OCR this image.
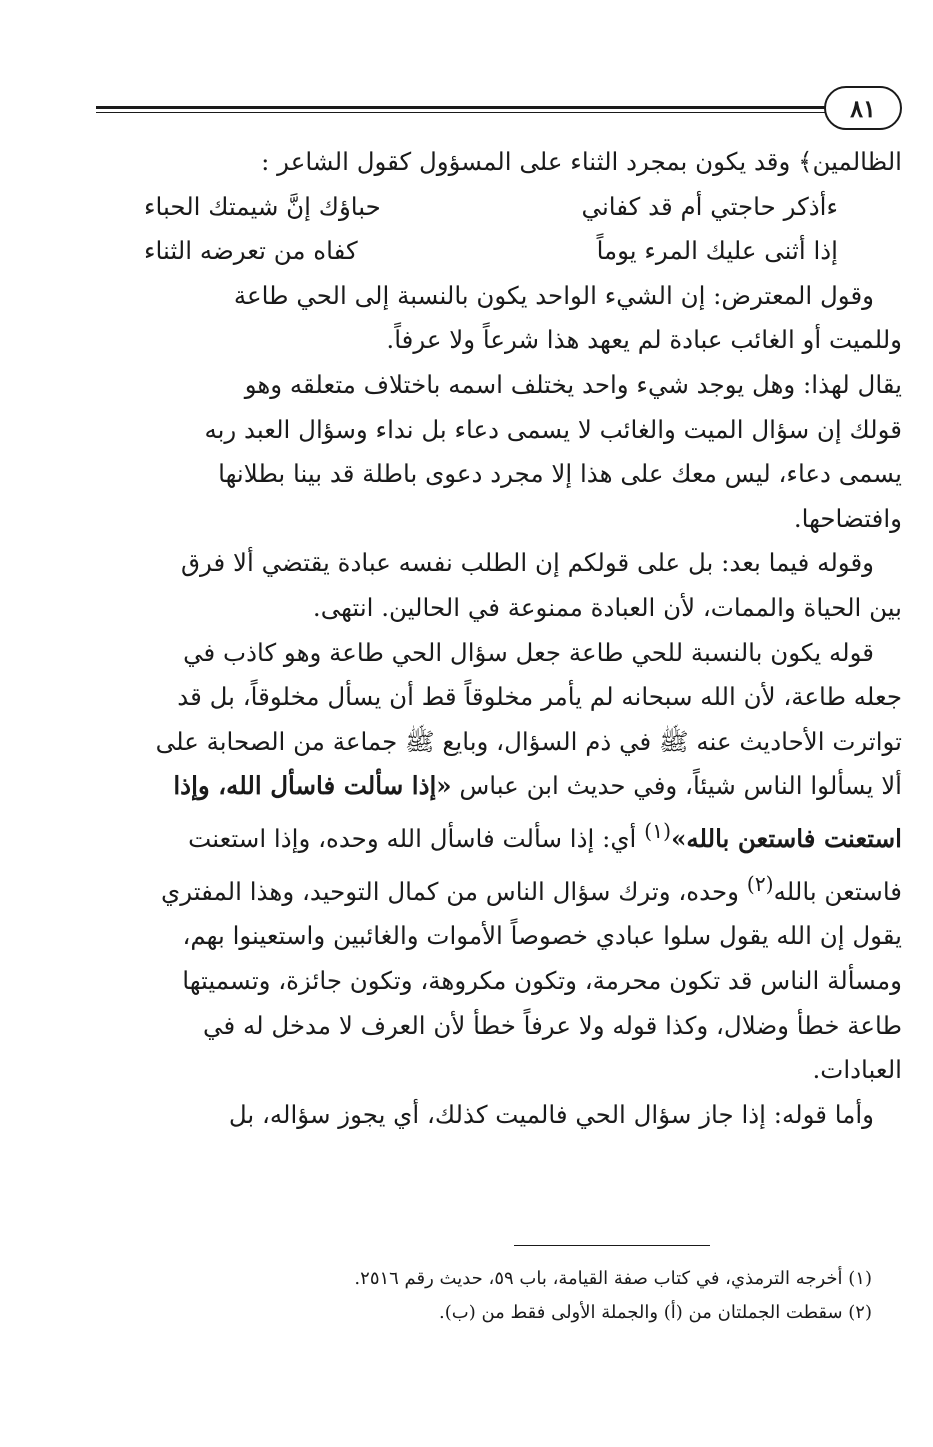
٨١

الظالمين﴾ وقد يكون بمجرد الثناء على المسؤول كقول الشاعر :

ءأذكر حاجتي أم قد كفاني
حباؤك إنَّ شيمتك الحباء
إذا أثنى عليك المرء يوماً
كفاه من تعرضه الثناء

وقول المعترض: إن الشيء الواحد يكون بالنسبة إلى الحي طاعة

وللميت أو الغائب عبادة لم يعهد هذا شرعاً ولا عرفاً.

يقال لهذا: وهل يوجد شيء واحد يختلف اسمه باختلاف متعلقه وهو

قولك إن سؤال الميت والغائب لا يسمى دعاء بل نداء وسؤال العبد ربه

يسمى دعاء، ليس معك على هذا إلا مجرد دعوى باطلة قد بينا بطلانها

وافتضاحها.

وقوله فيما بعد: بل على قولكم إن الطلب نفسه عبادة يقتضي ألا فرق

بين الحياة والممات، لأن العبادة ممنوعة في الحالين. انتهى.

قوله يكون بالنسبة للحي طاعة جعل سؤال الحي طاعة وهو كاذب في

جعله طاعة، لأن الله سبحانه لم يأمر مخلوقاً قط أن يسأل مخلوقاً، بل قد

تواترت الأحاديث عنه ﷺ في ذم السؤال، وبايع ﷺ جماعة من الصحابة على

ألا يسألوا الناس شيئاً، وفي حديث ابن عباس «إذا سألت فاسأل الله، وإذا

استعنت فاستعن بالله»$^{(١)}$ أي: إذا سألت فاسأل الله وحده، وإذا استعنت

فاستعن بالله$^{(٢)}$ وحده، وترك سؤال الناس من كمال التوحيد، وهذا المفتري

يقول إن الله يقول سلوا عبادي خصوصاً الأموات والغائبين واستعينوا بهم،

ومسألة الناس قد تكون محرمة، وتكون مكروهة، وتكون جائزة، وتسميتها

طاعة خطأ وضلال، وكذا قوله ولا عرفاً خطأ لأن العرف لا مدخل له في

العبادات.

وأما قوله: إذا جاز سؤال الحي فالميت كذلك، أي يجوز سؤاله، بل

(١) أخرجه الترمذي، في كتاب صفة القيامة، باب ٥٩، حديث رقم ٢٥١٦.

(٢) سقطت الجملتان من (أ) والجملة الأولى فقط من (ب).
